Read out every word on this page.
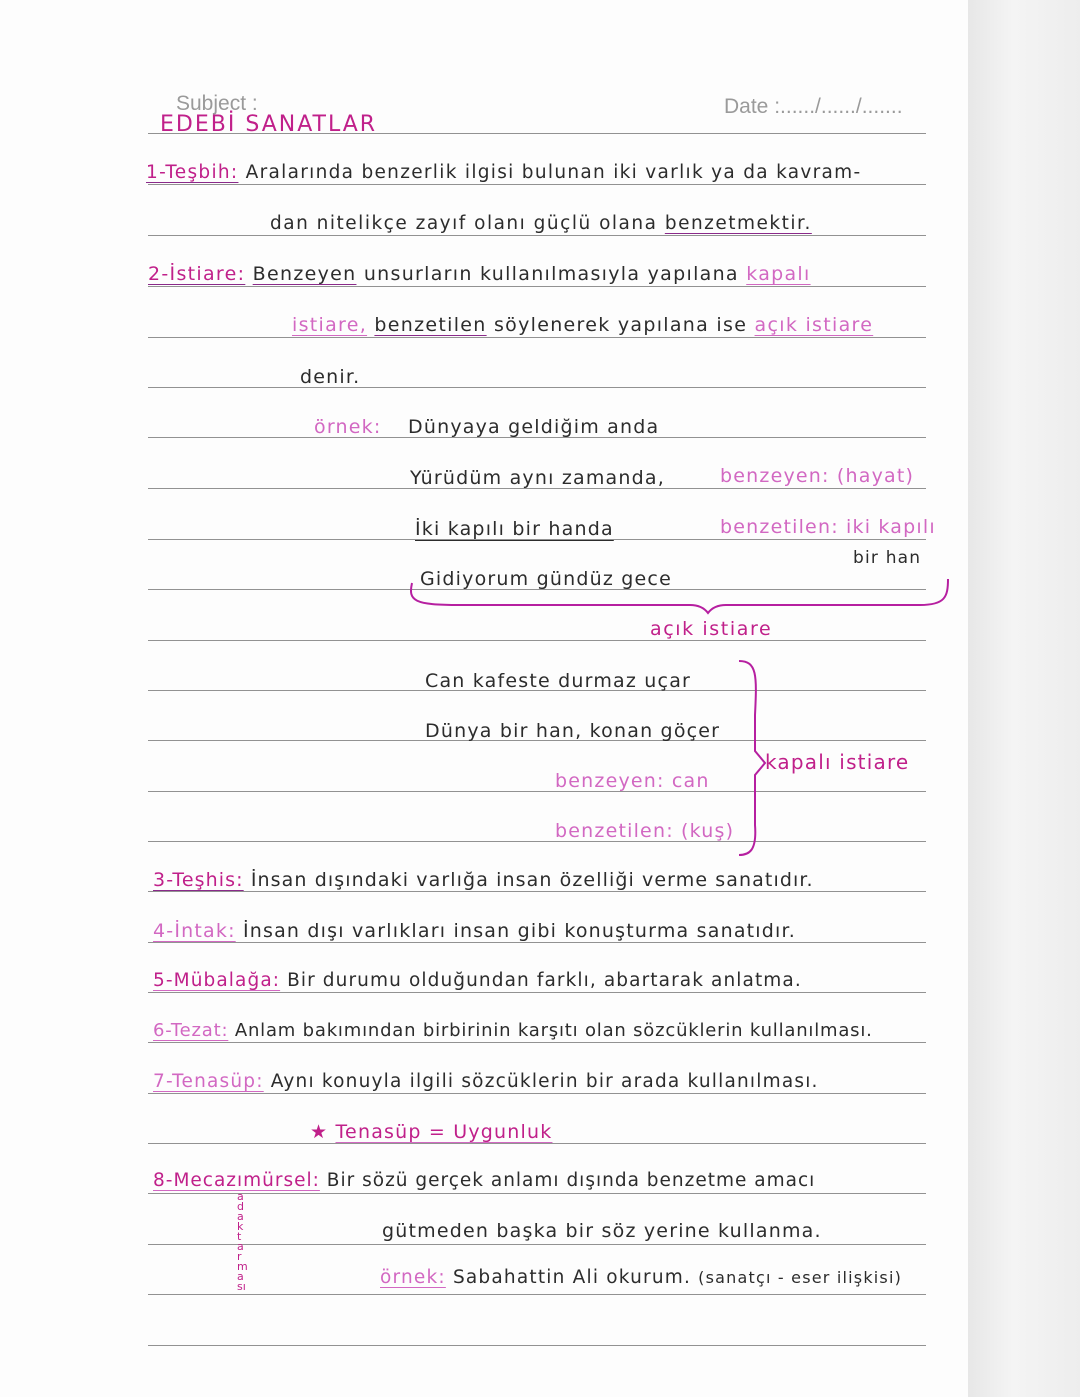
Subject :	Date :....../....../.......
EDEBİ SANATLAR
1-Teşbih: Aralarında benzerlik ilgisi bulunan iki varlık ya da kavram-
dan nitelikçe zayıf olanı güçlü olana benzetmektir.
2-İstiare: Benzeyen unsurların kullanılmasıyla yapılana kapalı
istiare, benzetilen söylenerek yapılana ise açık istiare
denir.
örnek: Dünyaya geldiğim anda
Yürüdüm aynı zamanda,
İki kapılı bir handa
Gidiyorum gündüz gece
benzeyen: (hayat)
benzetilen: iki kapılı
bir han
açık istiare
Can kafeste durmaz uçar
Dünya bir han, konan göçer
benzeyen: can
benzetilen: (kuş)
kapalı istiare
3-Teşhis: İnsan dışındaki varlığa insan özelliği verme sanatıdır.
4-İntak: İnsan dışı varlıkları insan gibi konuşturma sanatıdır.
5-Mübalağa: Bir durumu olduğundan farklı, abartarak anlatma.
6-Tezat: Anlam bakımından birbirinin karşıtı olan sözcüklerin kullanılması.
7-Tenasüp: Aynı konuyla ilgili sözcüklerin bir arada kullanılması.
★ Tenasüp = Uygunluk
8-Mecazımürsel: Bir sözü gerçek anlamı dışında benzetme amacı
gütmeden başka bir söz yerine kullanma.
örnek: Sabahattin Ali okurum. (sanatçı - eser ilişkisi)
ad aktarması
